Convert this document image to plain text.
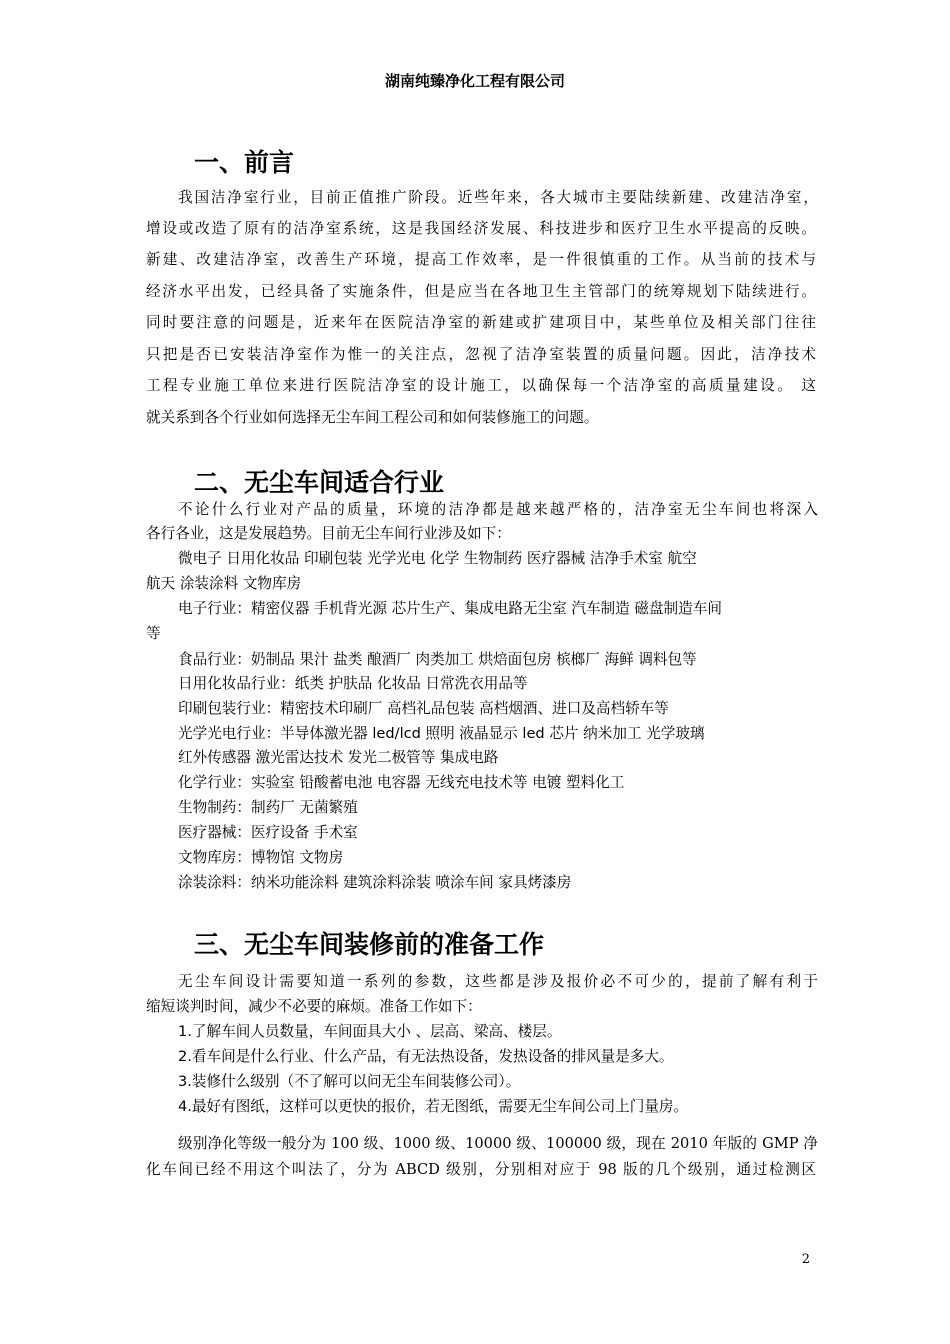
湖南纯臻净化工程有限公司
一、前言
我国洁净室行业，目前正值推广阶段。近些年来，各大城市主要陆续新建、改建洁净室，
增设或改造了原有的洁净室系统，这是我国经济发展、科技进步和医疗卫生水平提高的反映。
新建、改建洁净室，改善生产环境，提高工作效率，是一件很慎重的工作。从当前的技术与
经济水平出发，已经具备了实施条件，但是应当在各地卫生主管部门的统筹规划下陆续进行。
同时要注意的问题是，近来年在医院洁净室的新建或扩建项目中，某些单位及相关部门往往
只把是否已安装洁净室作为惟一的关注点，忽视了洁净室装置的质量问题。因此，洁净技术
工程专业施工单位来进行医院洁净室的设计施工，以确保每一个洁净室的高质量建设。 这
就关系到各个行业如何选择无尘车间工程公司和如何装修施工的问题。
二、无尘车间适合行业
不论什么行业对产品的质量，环境的洁净都是越来越严格的，洁净室无尘车间也将深入
各行各业，这是发展趋势。目前无尘车间行业涉及如下：
微电子 日用化妆品 印刷包装 光学光电 化学 生物制药 医疗器械 洁净手术室 航空
航天 涂装涂料 文物库房
电子行业：精密仪器 手机背光源 芯片生产、集成电路无尘室 汽车制造 磁盘制造车间
等
食品行业：奶制品 果汁 盐类 酿酒厂 肉类加工 烘焙面包房 槟榔厂 海鲜 调料包等
日用化妆品行业：纸类 护肤品 化妆品 日常洗衣用品等
印刷包装行业：精密技术印刷厂 高档礼品包装 高档烟酒、进口及高档轿车等
光学光电行业：半导体激光器 led/lcd 照明 液晶显示 led 芯片 纳米加工 光学玻璃
红外传感器 激光雷达技术 发光二极管等 集成电路
化学行业：实验室 铅酸蓄电池 电容器 无线充电技术等 电镀 塑料化工
生物制药：制药厂 无菌繁殖
医疗器械：医疗设备 手术室
文物库房：博物馆 文物房
涂装涂料：纳米功能涂料 建筑涂料涂装 喷涂车间 家具烤漆房
三、无尘车间装修前的准备工作
无尘车间设计需要知道一系列的参数，这些都是涉及报价必不可少的，提前了解有利于
缩短谈判时间，减少不必要的麻烦。准备工作如下：
1.了解车间人员数量，车间面具大小 、层高、梁高、楼层。
2.看车间是什么行业、什么产品，有无法热设备，发热设备的排风量是多大。
3.装修什么级别（不了解可以问无尘车间装修公司）。
4.最好有图纸，这样可以更快的报价，若无图纸，需要无尘车间公司上门量房。
级别净化等级一般分为 100 级、1000 级、10000 级、100000 级，现在 2010 年版的 GMP 净
化车间已经不用这个叫法了，分为 ABCD 级别，分别相对应于 98 版的几个级别，通过检测区
2
